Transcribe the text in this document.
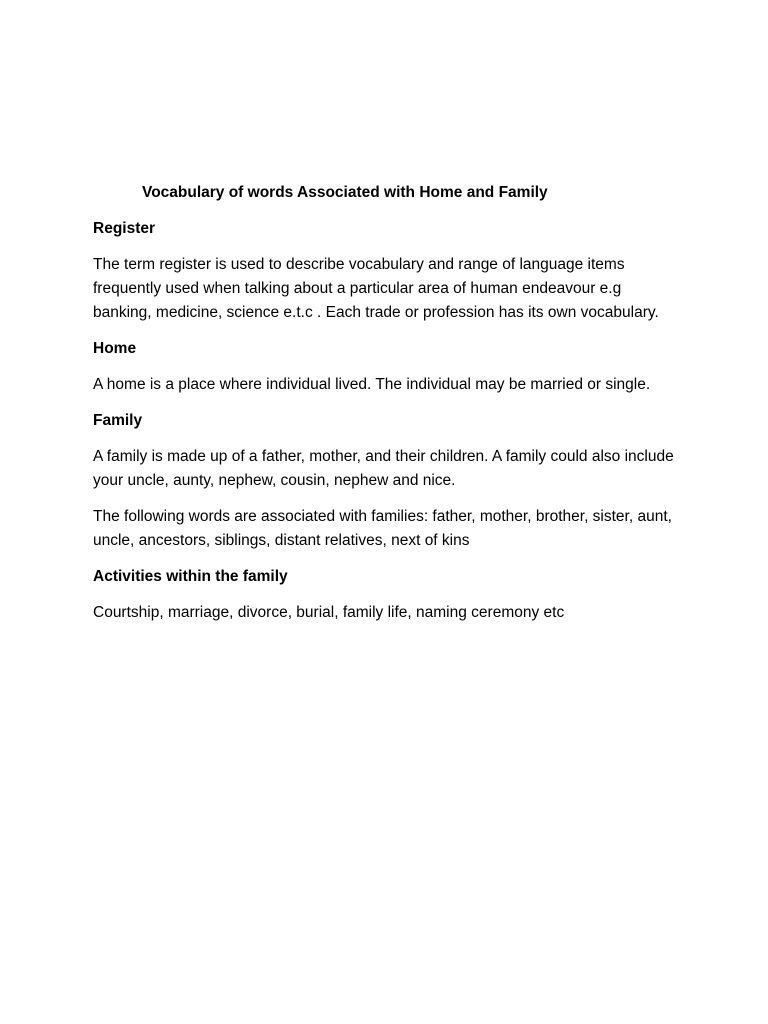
Vocabulary of words Associated with Home and Family
Register

The term register is used to describe vocabulary and range of language items frequently used when talking about a particular area of human endeavour e.g banking, medicine, science e.t.c . Each trade or profession has its own vocabulary.

Home

A home is a place where individual lived. The individual may be married or single.

Family

A family is made up of a father, mother, and their children. A family could also include your uncle, aunty, nephew, cousin, nephew and nice.

The following words are associated with families: father, mother, brother, sister, aunt, uncle, ancestors, siblings, distant relatives, next of kins

Activities within the family

Courtship, marriage, divorce, burial, family life, naming ceremony etc
